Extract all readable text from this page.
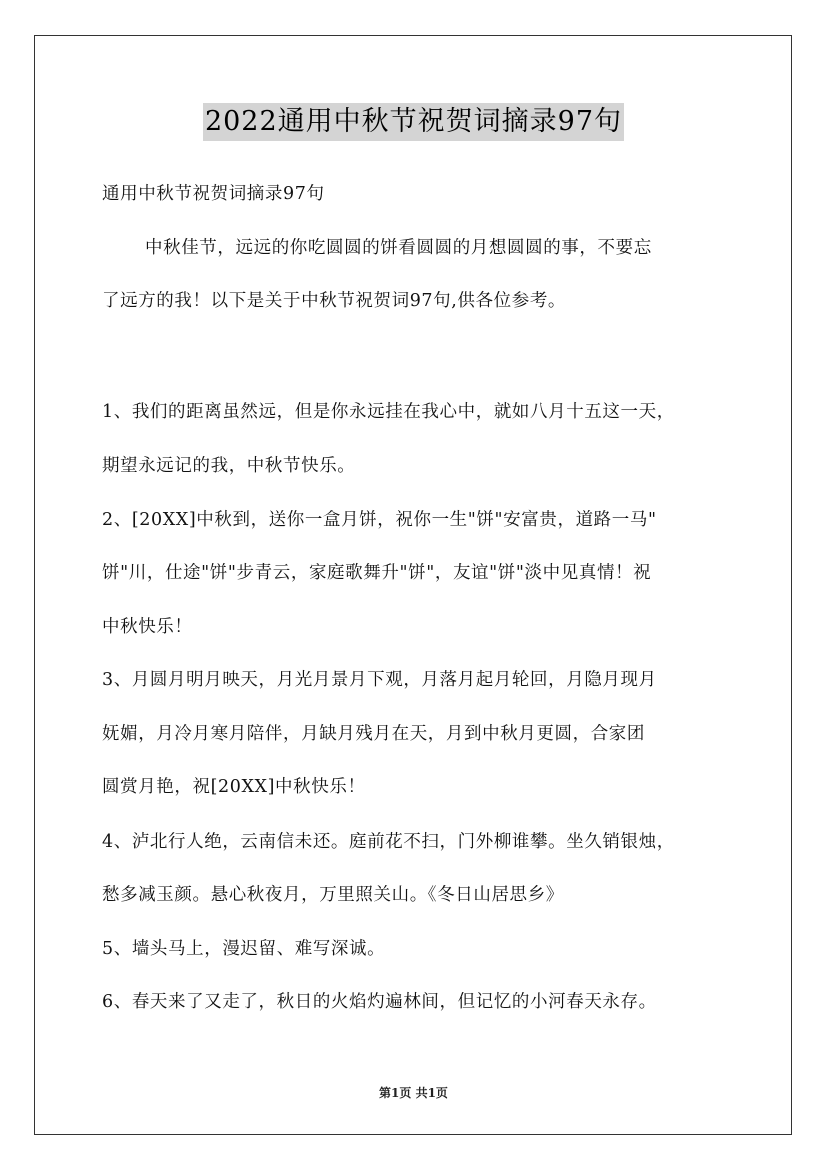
2022通用中秋节祝贺词摘录97句
通用中秋节祝贺词摘录97句
中秋佳节，远远的你吃圆圆的饼看圆圆的月想圆圆的事，不要忘
了远方的我！以下是关于中秋节祝贺词97句,供各位参考。
1、我们的距离虽然远，但是你永远挂在我心中，就如八月十五这一天，
期望永远记的我，中秋节快乐。
2、[20XX]中秋到，送你一盒月饼，祝你一生"饼"安富贵，道路一马"
饼"川，仕途"饼"步青云，家庭歌舞升"饼"，友谊"饼"淡中见真情！祝
中秋快乐！
3、月圆月明月映天，月光月景月下观，月落月起月轮回，月隐月现月
妩媚，月冷月寒月陪伴，月缺月残月在天，月到中秋月更圆，合家团
圆赏月艳，祝[20XX]中秋快乐！
4、泸北行人绝，云南信未还。庭前花不扫，门外柳谁攀。坐久销银烛，
愁多减玉颜。悬心秋夜月，万里照关山。《冬日山居思乡》
5、墙头马上，漫迟留、难写深诚。
6、春天来了又走了，秋日的火焰灼遍林间，但记忆的小河春天永存。
第1页 共1页
